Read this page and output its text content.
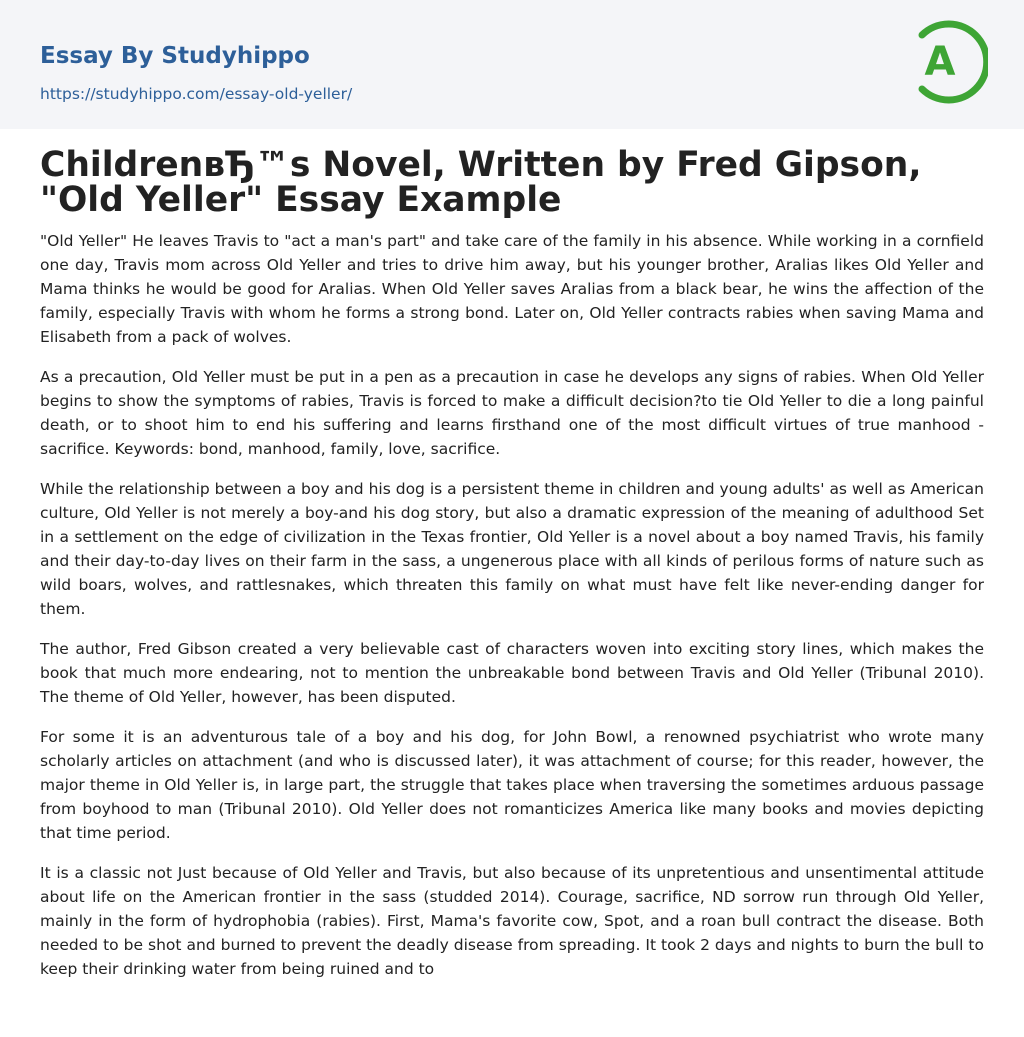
Essay By Studyhippo
https://studyhippo.com/essay-old-yeller/
A
ChildrenвЂ™s Novel, Written by Fred Gipson,
"Old Yeller" Essay Example

"Old Yeller" He leaves Travis to "act a man's part" and take care of the family in his absence. While working in a cornfield one day, Travis mom across Old Yeller and tries to drive him away, but his younger brother, Aralias likes Old Yeller and Mama thinks he would be good for Aralias. When Old Yeller saves Aralias from a black bear, he wins the affection of the family, especially Travis with whom he forms a strong bond. Later on, Old Yeller contracts rabies when saving Mama and Elisabeth from a pack of wolves.

As a precaution, Old Yeller must be put in a pen as a precaution in case he develops any signs of rabies. When Old Yeller begins to show the symptoms of rabies, Travis is forced to make a difficult decision?to tie Old Yeller to die a long painful death, or to shoot him to end his suffering and learns firsthand one of the most difficult virtues of true manhood - sacrifice. Keywords: bond, manhood, family, love, sacrifice.

While the relationship between a boy and his dog is a persistent theme in children and young adults' as well as American culture, Old Yeller is not merely a boy-and his dog story, but also a dramatic expression of the meaning of adulthood Set in a settlement on the edge of civilization in the Texas frontier, Old Yeller is a novel about a boy named Travis, his family and their day-to-day lives on their farm in the sass, a ungenerous place with all kinds of perilous forms of nature such as wild boars, wolves, and rattlesnakes, which threaten this family on what must have felt like never-ending danger for them.

The author, Fred Gibson created a very believable cast of characters woven into exciting story lines, which makes the book that much more endearing, not to mention the unbreakable bond between Travis and Old Yeller (Tribunal 2010). The theme of Old Yeller, however, has been disputed.

For some it is an adventurous tale of a boy and his dog, for John Bowl, a renowned psychiatrist who wrote many scholarly articles on attachment (and who is discussed later), it was attachment of course; for this reader, however, the major theme in Old Yeller is, in large part, the struggle that takes place when traversing the sometimes arduous passage from boyhood to man (Tribunal 2010). Old Yeller does not romanticizes America like many books and movies depicting that time period.

It is a classic not Just because of Old Yeller and Travis, but also because of its unpretentious and unsentimental attitude about life on the American frontier in the sass (studded 2014). Courage, sacrifice, ND sorrow run through Old Yeller, mainly in the form of hydrophobia (rabies). First, Mama's favorite cow, Spot, and a roan bull contract the disease. Both needed to be shot and burned to prevent the deadly disease from spreading. It took 2 days and nights to burn the bull to keep their drinking water from being ruined and to
